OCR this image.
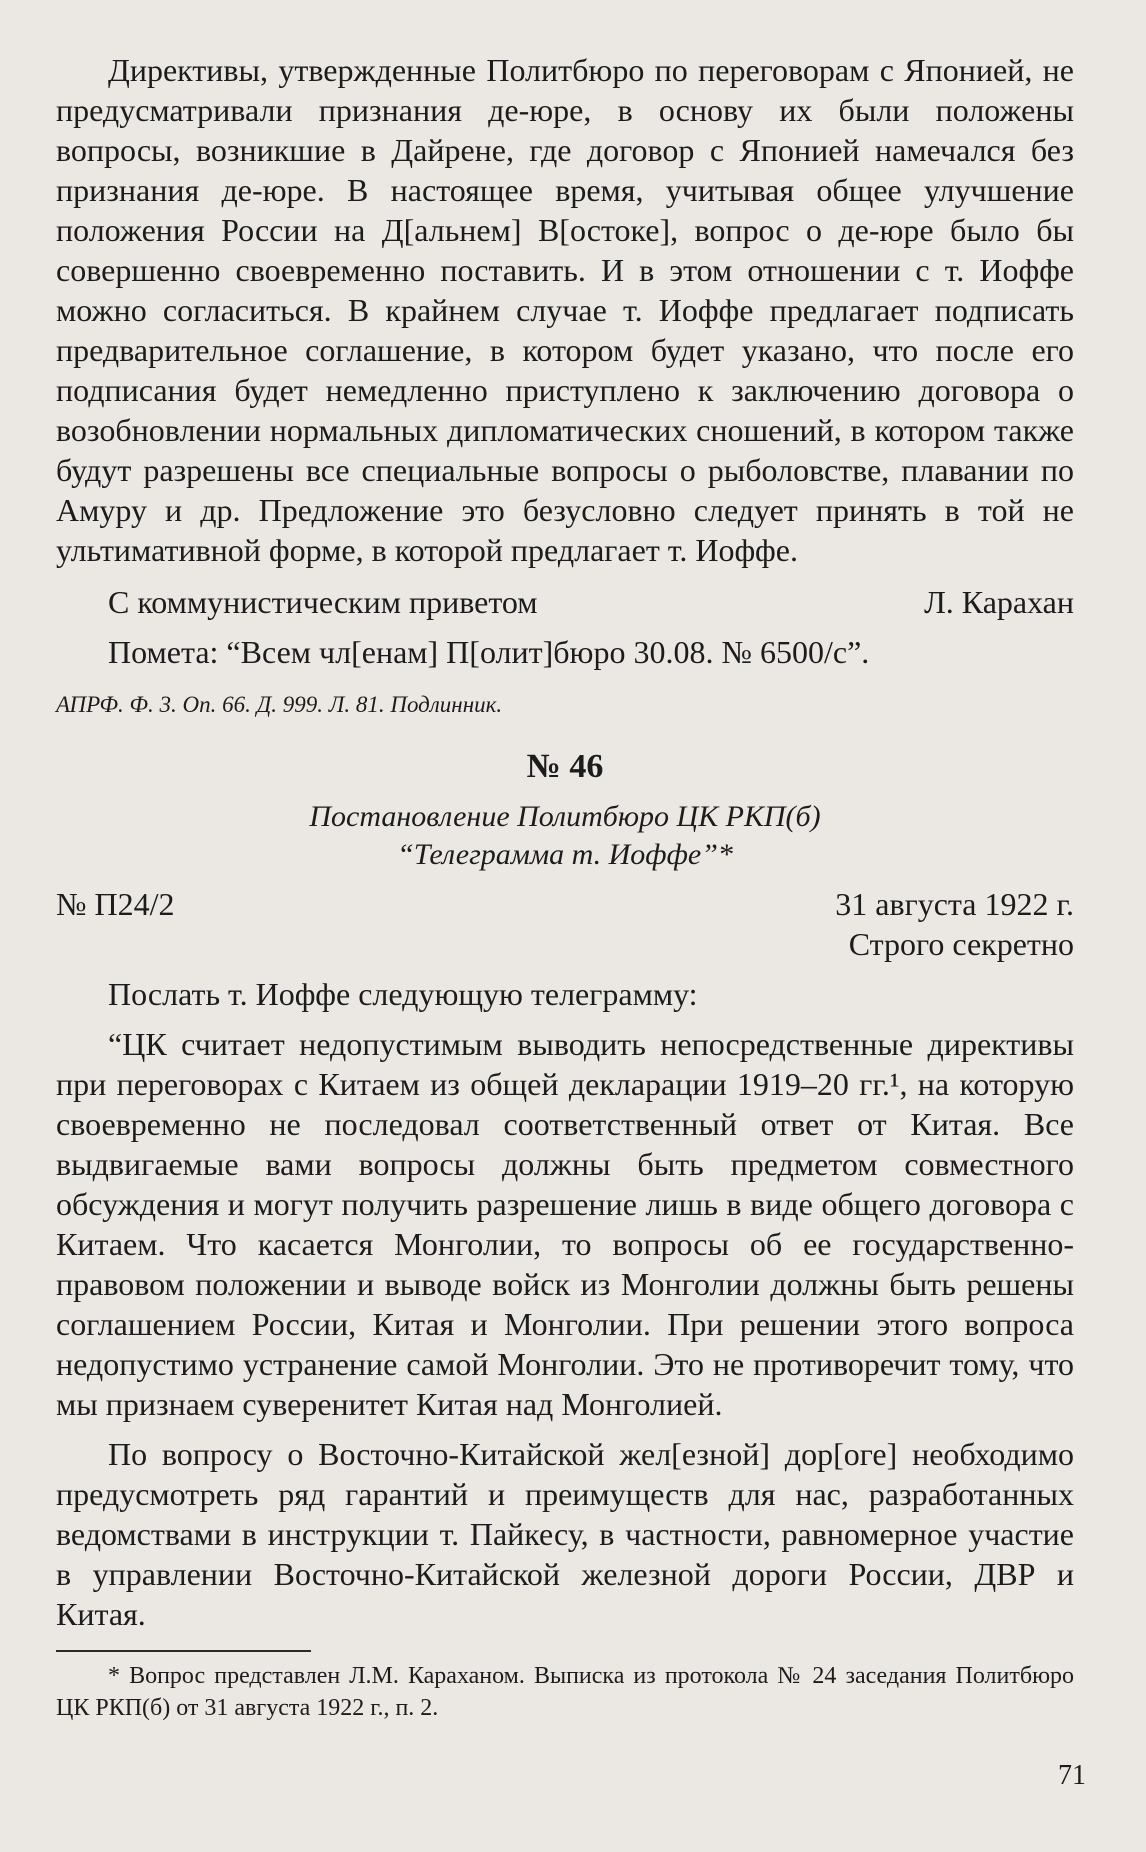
Директивы, утвержденные Политбюро по переговорам с Японией, не предусматривали признания де-юре, в основу их были положены вопросы, возникшие в Дайрене, где договор с Японией намечался без признания де-юре. В настоящее время, учитывая общее улучшение положения России на Д[альнем] В[остоке], вопрос о де-юре было бы совершенно своевременно поставить. И в этом отношении с т. Иоффе можно согласиться. В крайнем случае т. Иоффе предлагает подписать предварительное соглашение, в котором будет указано, что после его подписания будет немедленно приступлено к заключению договора о возобновлении нормальных дипломатических сношений, в котором также будут разрешены все специальные вопросы о рыболовстве, плавании по Амуру и др. Предложение это безусловно следует принять в той не ультимативной форме, в которой предлагает т. Иоффе.

С коммунистическим приветом	Л. Карахан
Помета: “Всем чл[енам] П[олит]бюро 30.08. № 6500/с”.
АПРФ. Ф. 3. Оп. 66. Д. 999. Л. 81. Подлинник.
№ 46
Постановление Политбюро ЦК РКП(б)
“Телеграмма т. Иоффе”*
№ П24/2	31 августа 1922 г.
Строго секретно

Послать т. Иоффе следующую телеграмму:

“ЦК считает недопустимым выводить непосредственные директивы при переговорах с Китаем из общей декларации 1919–20 гг.¹, на которую своевременно не последовал соответственный ответ от Китая. Все выдвигаемые вами вопросы должны быть предметом совместного обсуждения и могут получить разрешение лишь в виде общего договора с Китаем. Что касается Монголии, то вопросы об ее государственно-правовом положении и выводе войск из Монголии должны быть решены соглашением России, Китая и Монголии. При решении этого вопроса недопустимо устранение самой Монголии. Это не противоречит тому, что мы признаем суверенитет Китая над Монголией.

По вопросу о Восточно-Китайской жел[езной] дор[оге] необходимо предусмотреть ряд гарантий и преимуществ для нас, разработанных ведомствами в инструкции т. Пайкесу, в частности, равномерное участие в управлении Восточно-Китайской железной дороги России, ДВР и Китая.

* Вопрос представлен Л.М. Караханом. Выписка из протокола № 24 заседания Политбюро ЦК РКП(б) от 31 августа 1922 г., п. 2.

71
